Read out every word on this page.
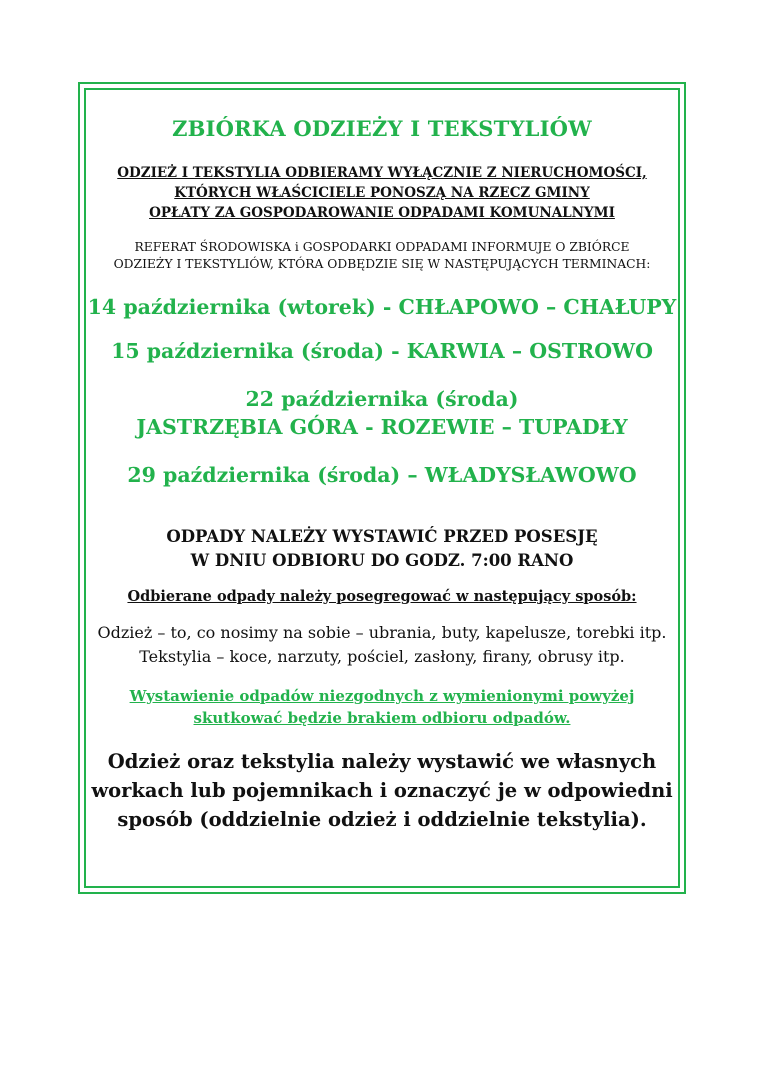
ZBIÓRKA ODZIEŻY I TEKSTYLIÓW
ODZIEŻ I TEKSTYLIA ODBIERAMY WYŁĄCZNIE Z NIERUCHOMOŚCI,
KTÓRYCH WŁAŚCICIELE PONOSZĄ NA RZECZ GMINY
OPŁATY ZA GOSPODAROWANIE ODPADAMI KOMUNALNYMI
REFERAT ŚRODOWISKA i GOSPODARKI ODPADAMI INFORMUJE O ZBIÓRCE
ODZIEŻY I TEKSTYLIÓW, KTÓRA ODBĘDZIE SIĘ W NASTĘPUJĄCYCH TERMINACH:
14 października (wtorek) - CHŁAPOWO – CHAŁUPY
15 października (środa) - KARWIA – OSTROWO
22 października (środa)
JASTRZĘBIA GÓRA - ROZEWIE – TUPADŁY
29 października (środa) – WŁADYSŁAWOWO
ODPADY NALEŻY WYSTAWIĆ PRZED POSESJĘ
W DNIU ODBIORU DO GODZ. 7:00 RANO
Odbierane odpady należy posegregować w następujący sposób:
Odzież – to, co nosimy na sobie – ubrania, buty, kapelusze, torebki itp.
Tekstylia – koce, narzuty, pościel, zasłony, firany, obrusy itp.
Wystawienie odpadów niezgodnych z wymienionymi powyżej
skutkować będzie brakiem odbioru odpadów.
Odzież oraz tekstylia należy wystawić we własnych
workach lub pojemnikach i oznaczyć je w odpowiedni
sposób (oddzielnie odzież i oddzielnie tekstylia).
